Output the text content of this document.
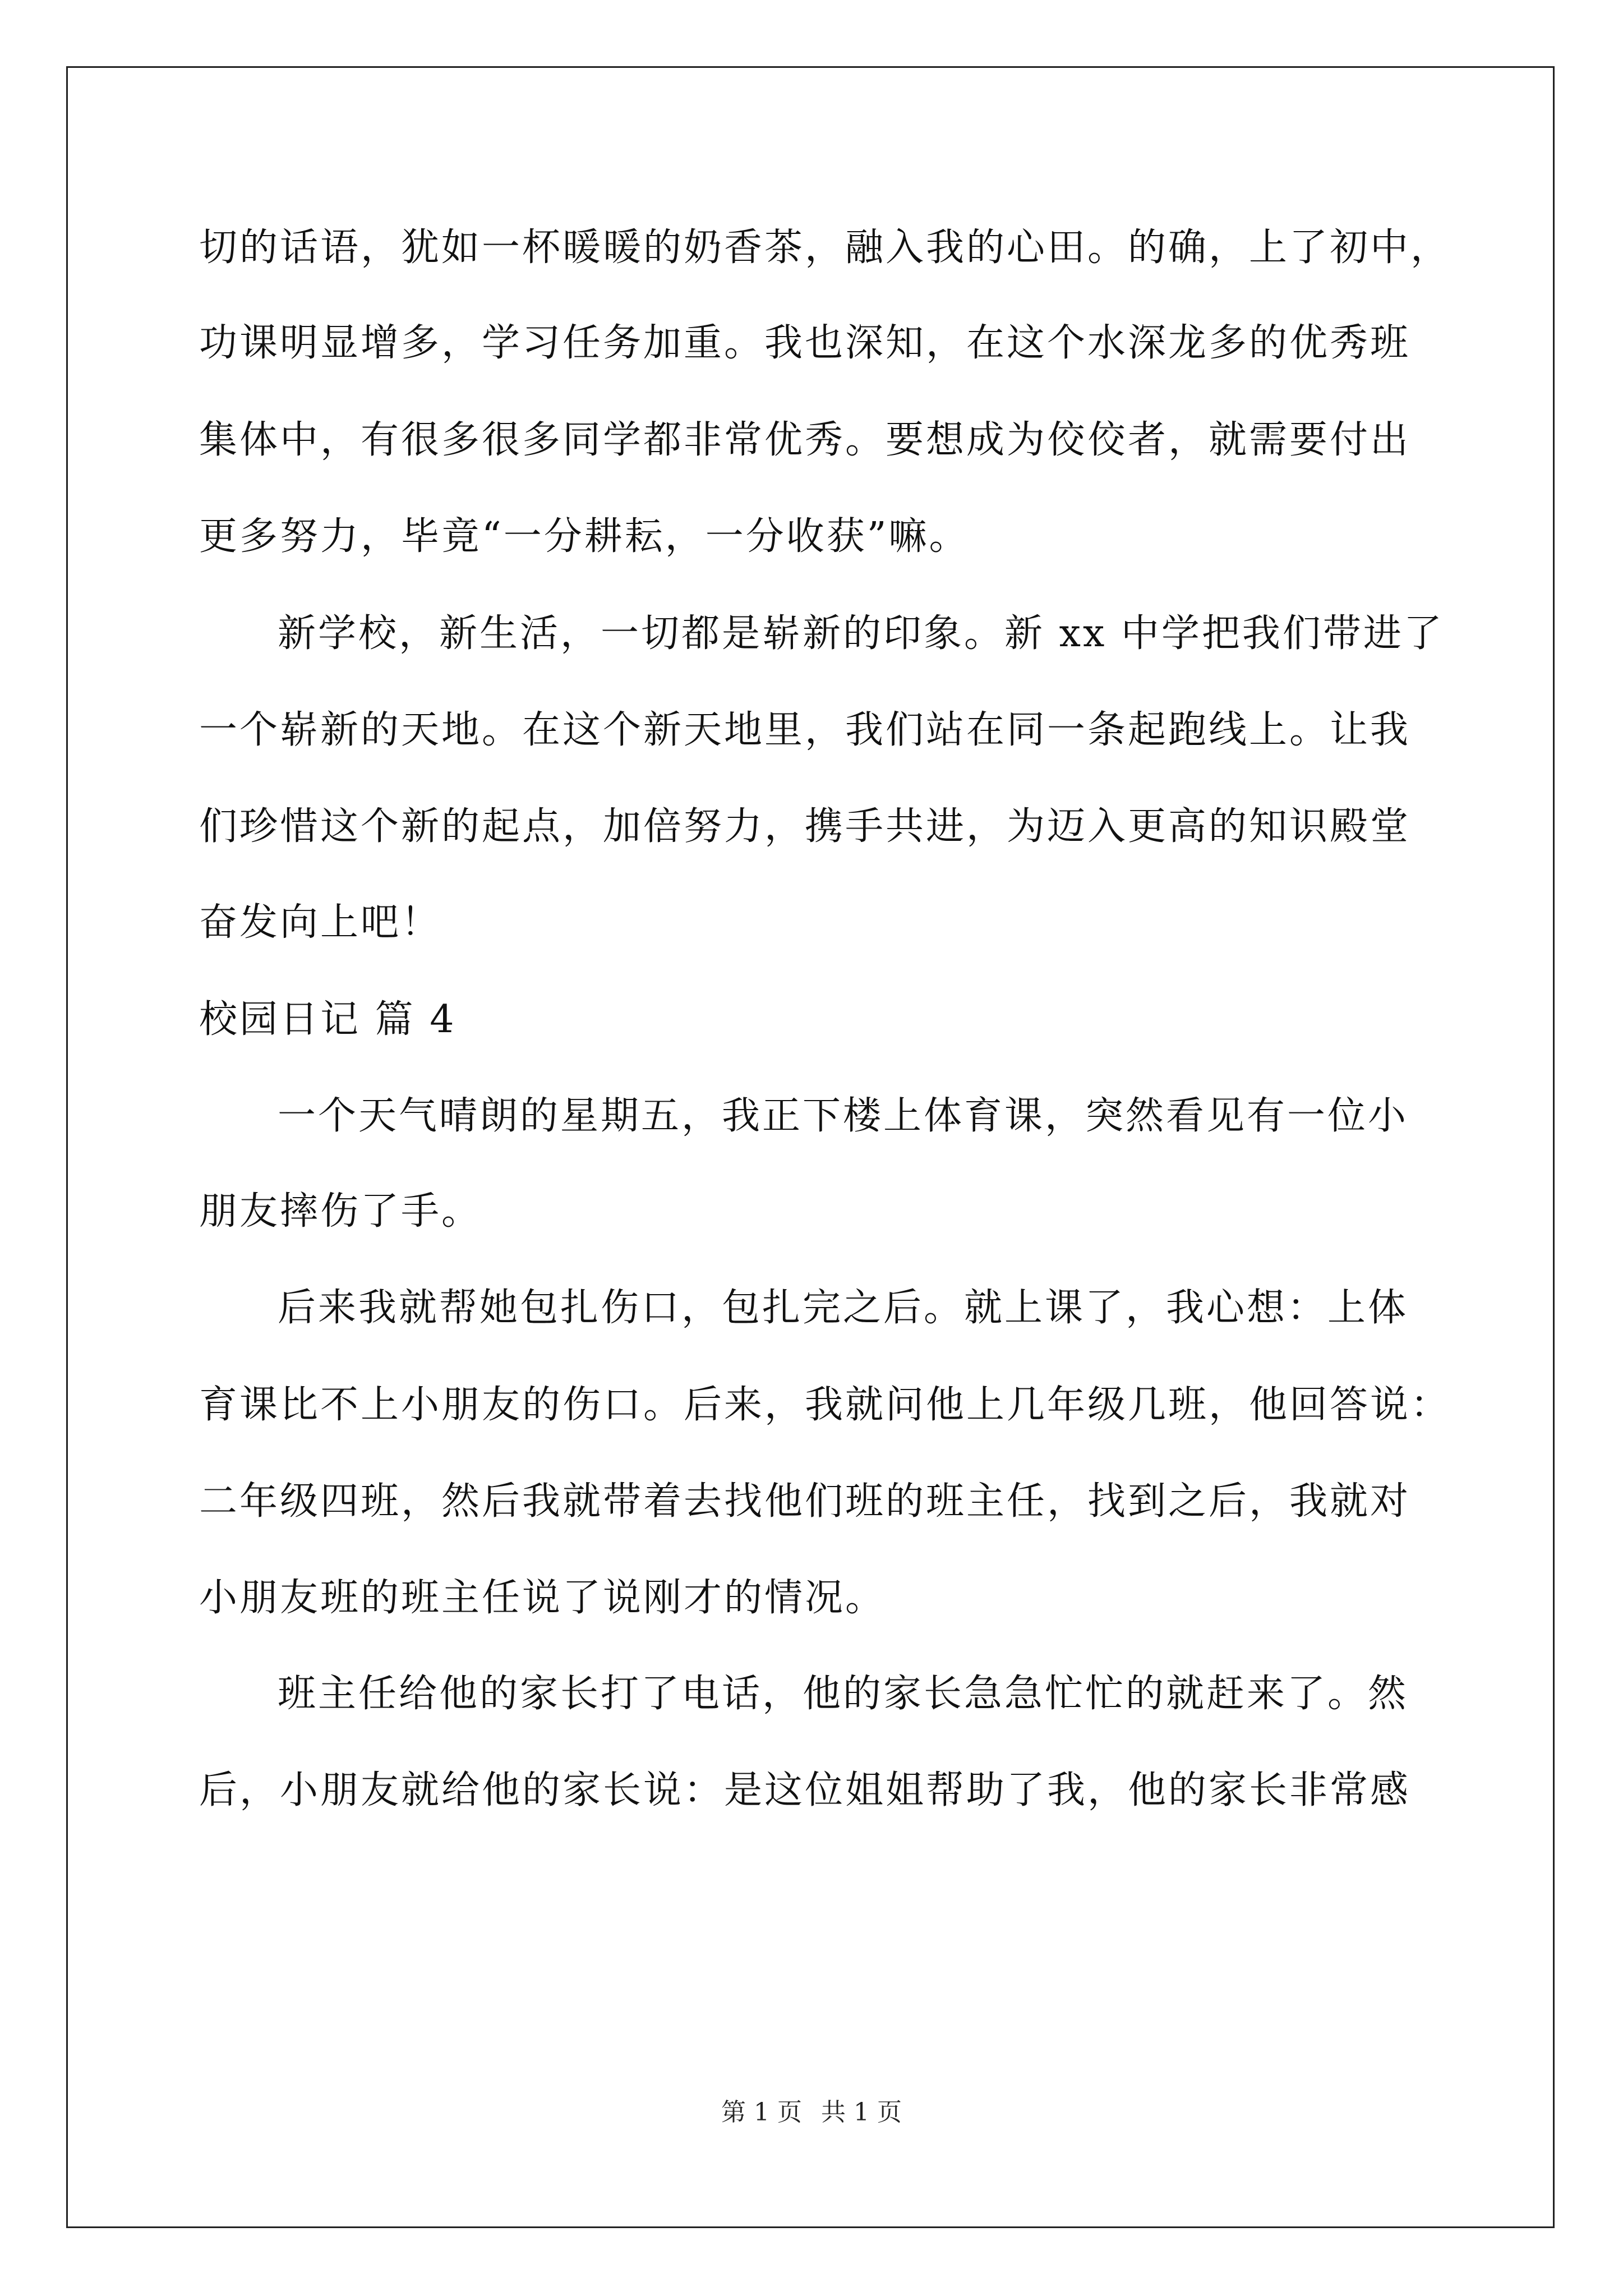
切的话语，犹如一杯暖暖的奶香茶，融入我的心田。的确，上了初中，

功课明显增多，学习任务加重。我也深知，在这个水深龙多的优秀班

集体中，有很多很多同学都非常优秀。要想成为佼佼者，就需要付出

更多努力，毕竟“一分耕耘，一分收获”嘛。

新学校，新生活，一切都是崭新的印象。新 xx 中学把我们带进了

一个崭新的天地。在这个新天地里，我们站在同一条起跑线上。让我

们珍惜这个新的起点，加倍努力，携手共进，为迈入更高的知识殿堂

奋发向上吧！

校园日记 篇 4

一个天气晴朗的星期五，我正下楼上体育课，突然看见有一位小

朋友摔伤了手。

后来我就帮她包扎伤口，包扎完之后。就上课了，我心想：上体

育课比不上小朋友的伤口。后来，我就问他上几年级几班，他回答说：

二年级四班，然后我就带着去找他们班的班主任，找到之后，我就对

小朋友班的班主任说了说刚才的情况。

班主任给他的家长打了电话，他的家长急急忙忙的就赶来了。然

后，小朋友就给他的家长说：是这位姐姐帮助了我，他的家长非常感

第 1 页 共 1 页
